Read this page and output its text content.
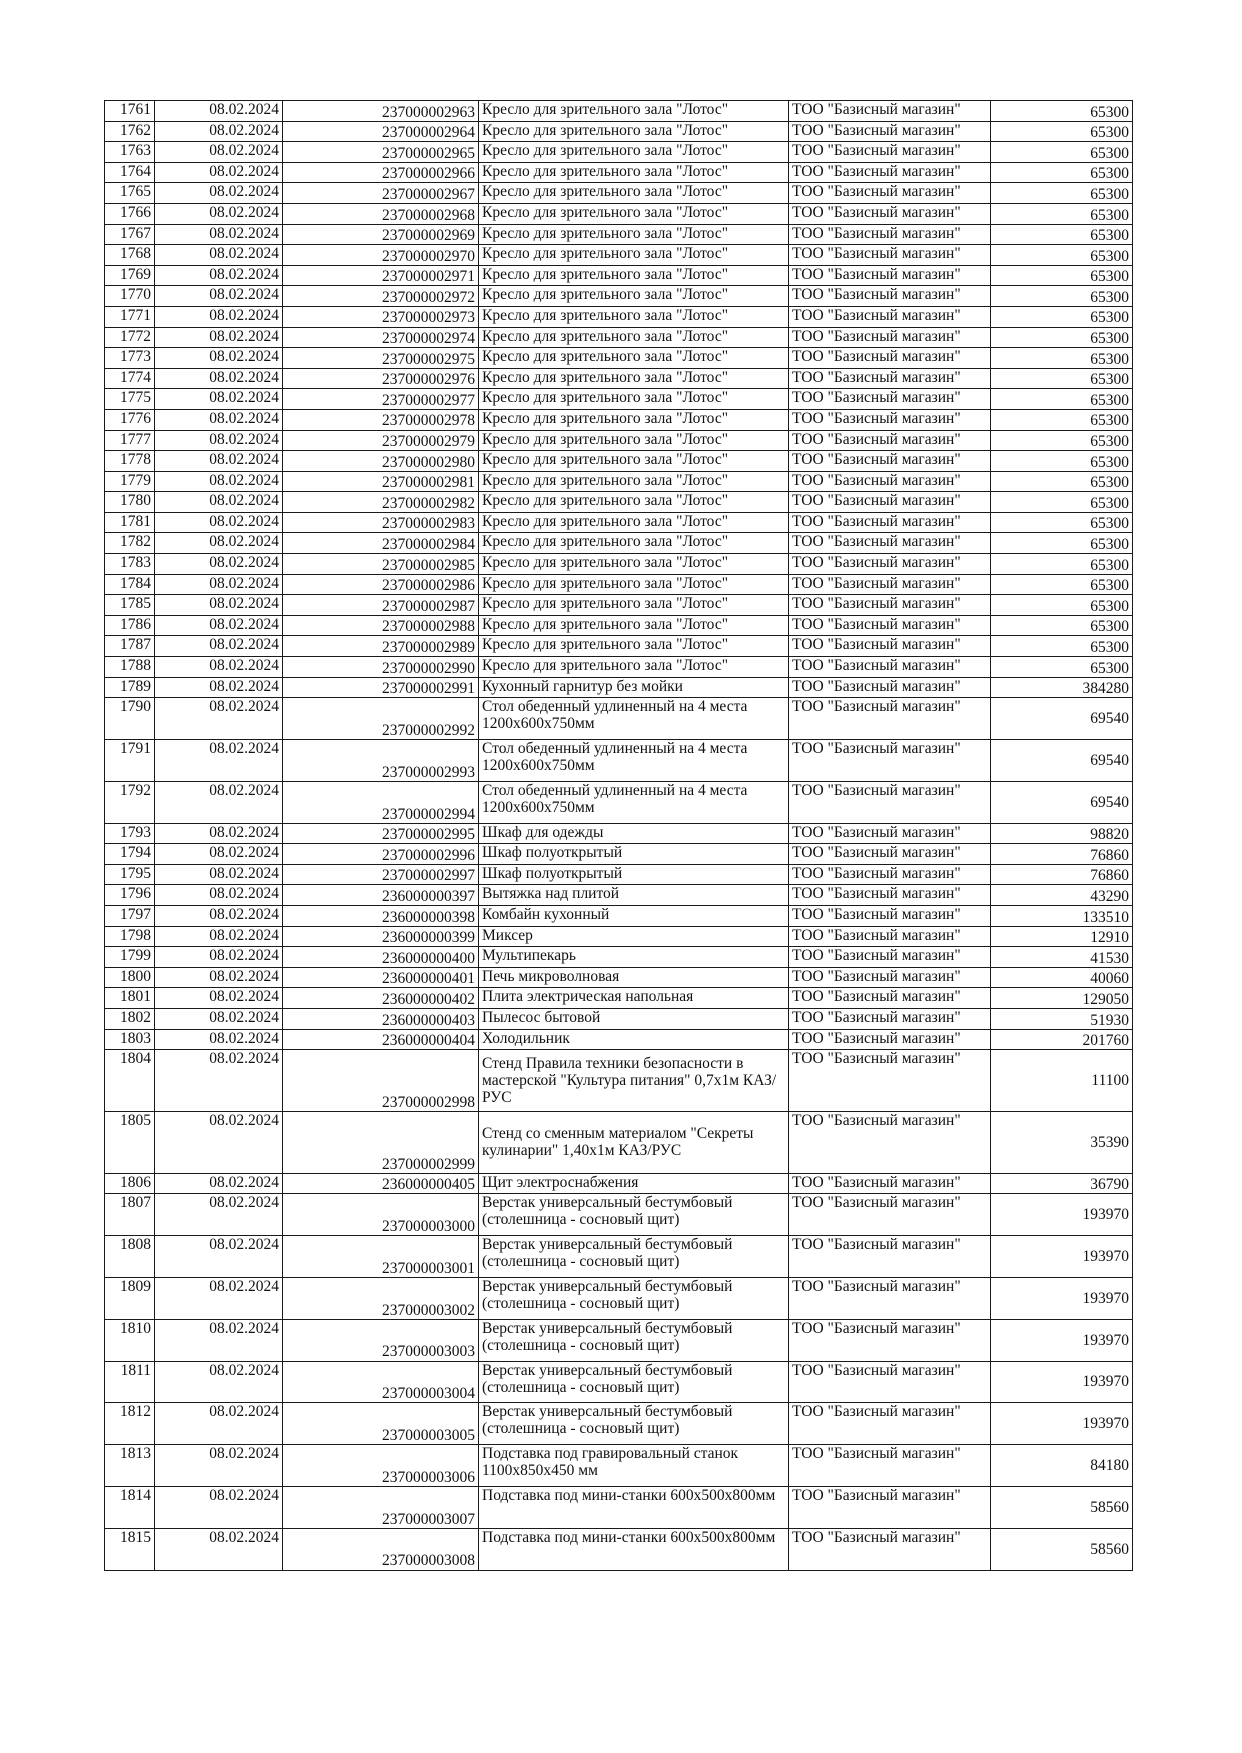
1761	08.02.2024	237000002963	Кресло для зрительного зала "Лотос"	ТОО "Базисный магазин"	65300
1762	08.02.2024	237000002964	Кресло для зрительного зала "Лотос"	ТОО "Базисный магазин"	65300
1763	08.02.2024	237000002965	Кресло для зрительного зала "Лотос"	ТОО "Базисный магазин"	65300
1764	08.02.2024	237000002966	Кресло для зрительного зала "Лотос"	ТОО "Базисный магазин"	65300
1765	08.02.2024	237000002967	Кресло для зрительного зала "Лотос"	ТОО "Базисный магазин"	65300
1766	08.02.2024	237000002968	Кресло для зрительного зала "Лотос"	ТОО "Базисный магазин"	65300
1767	08.02.2024	237000002969	Кресло для зрительного зала "Лотос"	ТОО "Базисный магазин"	65300
1768	08.02.2024	237000002970	Кресло для зрительного зала "Лотос"	ТОО "Базисный магазин"	65300
1769	08.02.2024	237000002971	Кресло для зрительного зала "Лотос"	ТОО "Базисный магазин"	65300
1770	08.02.2024	237000002972	Кресло для зрительного зала "Лотос"	ТОО "Базисный магазин"	65300
1771	08.02.2024	237000002973	Кресло для зрительного зала "Лотос"	ТОО "Базисный магазин"	65300
1772	08.02.2024	237000002974	Кресло для зрительного зала "Лотос"	ТОО "Базисный магазин"	65300
1773	08.02.2024	237000002975	Кресло для зрительного зала "Лотос"	ТОО "Базисный магазин"	65300
1774	08.02.2024	237000002976	Кресло для зрительного зала "Лотос"	ТОО "Базисный магазин"	65300
1775	08.02.2024	237000002977	Кресло для зрительного зала "Лотос"	ТОО "Базисный магазин"	65300
1776	08.02.2024	237000002978	Кресло для зрительного зала "Лотос"	ТОО "Базисный магазин"	65300
1777	08.02.2024	237000002979	Кресло для зрительного зала "Лотос"	ТОО "Базисный магазин"	65300
1778	08.02.2024	237000002980	Кресло для зрительного зала "Лотос"	ТОО "Базисный магазин"	65300
1779	08.02.2024	237000002981	Кресло для зрительного зала "Лотос"	ТОО "Базисный магазин"	65300
1780	08.02.2024	237000002982	Кресло для зрительного зала "Лотос"	ТОО "Базисный магазин"	65300
1781	08.02.2024	237000002983	Кресло для зрительного зала "Лотос"	ТОО "Базисный магазин"	65300
1782	08.02.2024	237000002984	Кресло для зрительного зала "Лотос"	ТОО "Базисный магазин"	65300
1783	08.02.2024	237000002985	Кресло для зрительного зала "Лотос"	ТОО "Базисный магазин"	65300
1784	08.02.2024	237000002986	Кресло для зрительного зала "Лотос"	ТОО "Базисный магазин"	65300
1785	08.02.2024	237000002987	Кресло для зрительного зала "Лотос"	ТОО "Базисный магазин"	65300
1786	08.02.2024	237000002988	Кресло для зрительного зала "Лотос"	ТОО "Базисный магазин"	65300
1787	08.02.2024	237000002989	Кресло для зрительного зала "Лотос"	ТОО "Базисный магазин"	65300
1788	08.02.2024	237000002990	Кресло для зрительного зала "Лотос"	ТОО "Базисный магазин"	65300
1789	08.02.2024	237000002991	Кухонный гарнитур без мойки	ТОО "Базисный магазин"	384280
1790	08.02.2024	237000002992	Стол обеденный удлиненный на 4 места 1200х600х750мм	ТОО "Базисный магазин"	69540
1791	08.02.2024	237000002993	Стол обеденный удлиненный на 4 места 1200х600х750мм	ТОО "Базисный магазин"	69540
1792	08.02.2024	237000002994	Стол обеденный удлиненный на 4 места 1200х600х750мм	ТОО "Базисный магазин"	69540
1793	08.02.2024	237000002995	Шкаф для одежды	ТОО "Базисный магазин"	98820
1794	08.02.2024	237000002996	Шкаф полуоткрытый	ТОО "Базисный магазин"	76860
1795	08.02.2024	237000002997	Шкаф полуоткрытый	ТОО "Базисный магазин"	76860
1796	08.02.2024	236000000397	Вытяжка над плитой	ТОО "Базисный магазин"	43290
1797	08.02.2024	236000000398	Комбайн кухонный	ТОО "Базисный магазин"	133510
1798	08.02.2024	236000000399	Миксер	ТОО "Базисный магазин"	12910
1799	08.02.2024	236000000400	Мультипекарь	ТОО "Базисный магазин"	41530
1800	08.02.2024	236000000401	Печь микроволновая	ТОО "Базисный магазин"	40060
1801	08.02.2024	236000000402	Плита электрическая напольная	ТОО "Базисный магазин"	129050
1802	08.02.2024	236000000403	Пылесос бытовой	ТОО "Базисный магазин"	51930
1803	08.02.2024	236000000404	Холодильник	ТОО "Базисный магазин"	201760
1804	08.02.2024	237000002998	Стенд Правила техники безопасности в мастерской "Культура питания" 0,7х1м КАЗ/РУС	ТОО "Базисный магазин"	11100
1805	08.02.2024	237000002999	Стенд со сменным материалом "Секреты кулинарии" 1,40х1м КАЗ/РУС	ТОО "Базисный магазин"	35390
1806	08.02.2024	236000000405	Щит электроснабжения	ТОО "Базисный магазин"	36790
1807	08.02.2024	237000003000	Верстак универсальный бестумбовый (столешница - сосновый щит)	ТОО "Базисный магазин"	193970
1808	08.02.2024	237000003001	Верстак универсальный бестумбовый (столешница - сосновый щит)	ТОО "Базисный магазин"	193970
1809	08.02.2024	237000003002	Верстак универсальный бестумбовый (столешница - сосновый щит)	ТОО "Базисный магазин"	193970
1810	08.02.2024	237000003003	Верстак универсальный бестумбовый (столешница - сосновый щит)	ТОО "Базисный магазин"	193970
1811	08.02.2024	237000003004	Верстак универсальный бестумбовый (столешница - сосновый щит)	ТОО "Базисный магазин"	193970
1812	08.02.2024	237000003005	Верстак универсальный бестумбовый (столешница - сосновый щит)	ТОО "Базисный магазин"	193970
1813	08.02.2024	237000003006	Подставка под гравировальный станок 1100х850х450 мм	ТОО "Базисный магазин"	84180
1814	08.02.2024	237000003007	Подставка под мини-станки 600х500х800мм	ТОО "Базисный магазин"	58560
1815	08.02.2024	237000003008	Подставка под мини-станки 600х500х800мм	ТОО "Базисный магазин"	58560
